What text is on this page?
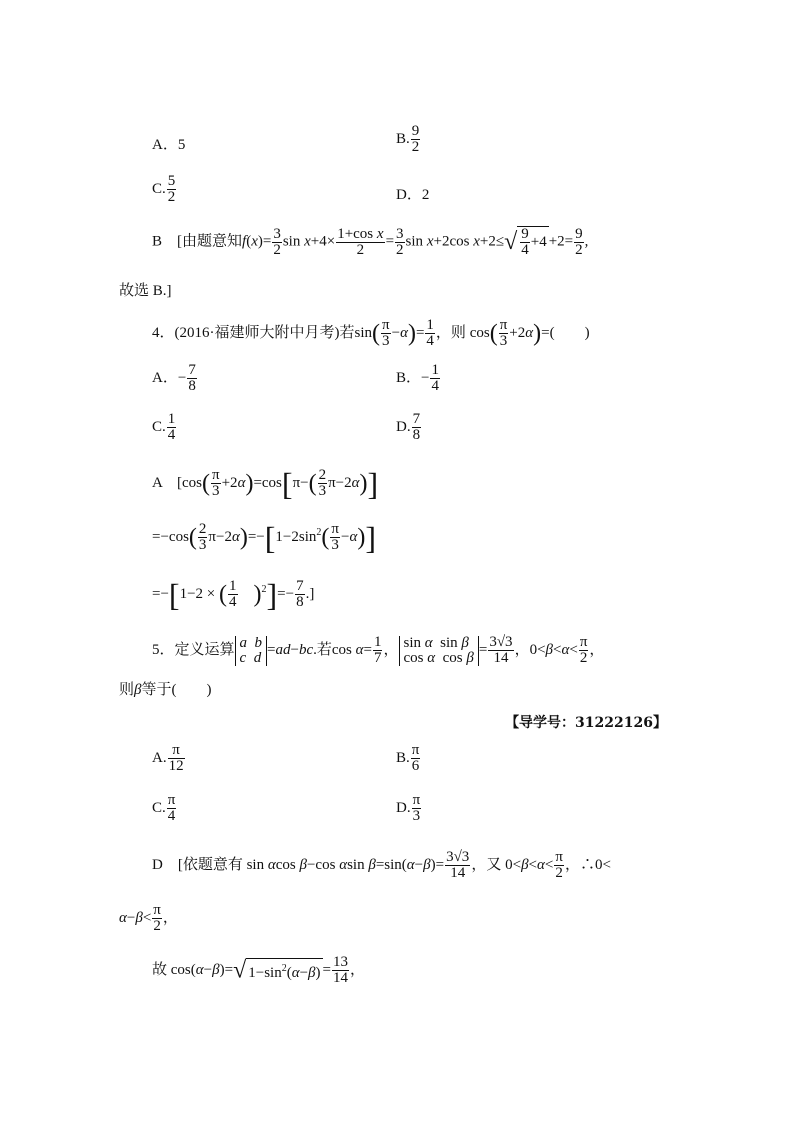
A．5	B. $\frac{9}{2}$
C. $\frac{5}{2}$	D．2
B　[由题意知$f(x)= \frac{3}{2}$ $\sin x+4\times \frac{\text{1+cos x}}{2} = \frac{3}{2}$ sin x+2cos $x+2\le√ \frac{9}{4} +4 +2= \frac{9}{2}$ ,
故选 B.]
4．(2016·福建师大附中月考)若$\sin( \frac{\pi}{3} -\alpha)= \frac{1}{4}$ ，则 $\cos( \frac{\pi}{3} +2\alpha)=$(　　)
A．− $\frac{7}{8}$	B．− $\frac{1}{4}$
C. $\frac{1}{4}$	D. $\frac{7}{8}$
A　[$\cos( \frac{\pi}{3} +2\alpha)=\cos[\pi-( \frac{2}{3} \pi-2\alpha)]$
$=-\cos( \frac{2}{3} \pi-2\alpha)=-[1-2\sin^2( \frac{\pi}{3} -\alpha)]$
=−[1−2 × ( $\frac{1}{4} )^2]=- \frac{7}{8}$ .]
5．定义运算 a b
c d =ad−bc.若$\cos \alpha= \frac{1}{7}$ ， sin α  sin β
cos α  $\cos \beta = \frac{3√3}{14}$ ，$0<\beta<\alpha< \frac{\pi}{2}$ ，
则β等于(　　)
【导学号：31222126】
A. $\frac{\pi}{12}$	B. $\frac{\pi}{6}$
C. $\frac{\pi}{4}$	D. $\frac{\pi}{3}$
D　[依题意有 sin αcos β−cos αsin $\beta=\sin(\alpha-\beta)= \frac{3√3}{14}$ ，又 $0<\beta<\alpha< \frac{\pi}{2}$ ，∴0<
$\alpha-\beta< \frac{\pi}{2}$ ，
故 cos(α−β)=√ $1-\sin^2(\alpha-\beta) = \frac{13}{14}$ ，
